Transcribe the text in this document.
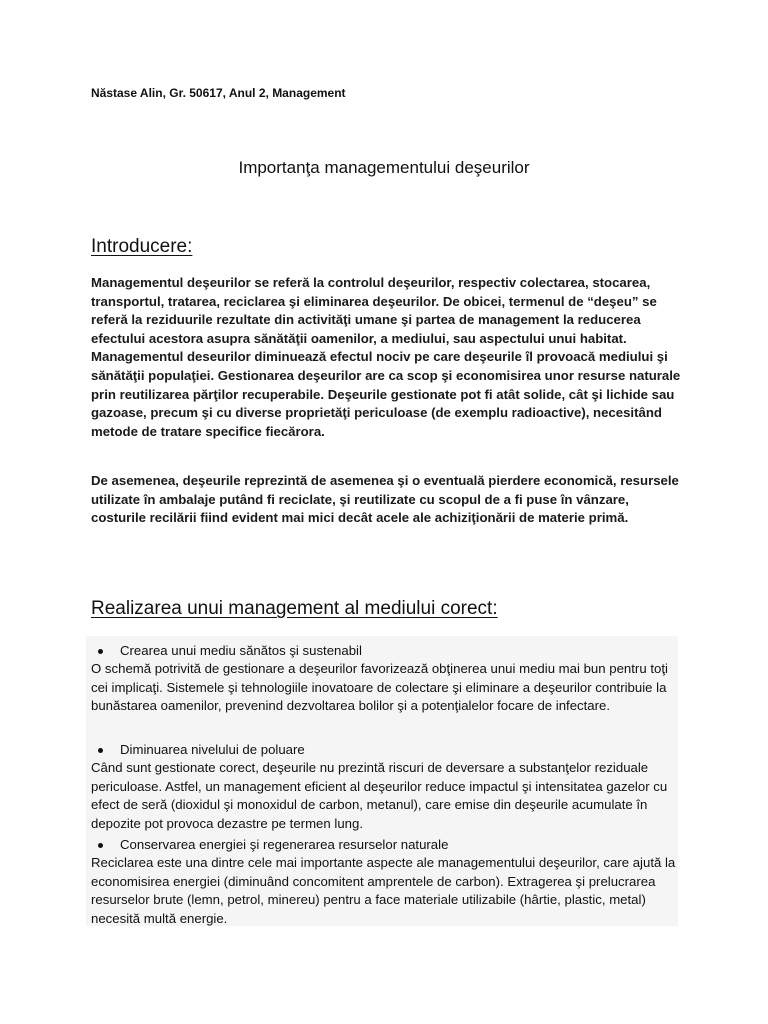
Năstase Alin, Gr. 50617, Anul 2, Management
Importanţa managementului deşeurilor
Introducere:

Managementul deşeurilor se referă la controlul deşeurilor, respectiv colectarea, stocarea, transportul, tratarea, reciclarea şi eliminarea deşeurilor. De obicei, termenul de “deşeu” se referă la reziduurile rezultate din activităţi umane şi partea de management la reducerea efectului acestora asupra sănătăţii oamenilor, a mediului, sau aspectului unui habitat. Managementul deseurilor diminuează efectul nociv pe care deşeurile îl provoacă mediului şi sănătăţii populaţiei. Gestionarea deşeurilor are ca scop şi economisirea unor resurse naturale prin reutilizarea părţilor recuperabile. Deşeurile gestionate pot fi atât solide, cât şi lichide sau gazoase, precum şi cu diverse proprietăţi periculoase (de exemplu radioactive), necesitând metode de tratare specifice fiecărora.

De asemenea, deşeurile reprezintă de asemenea şi o eventuală pierdere economică, resursele utilizate în ambalaje putând fi reciclate, şi reutilizate cu scopul de a fi puse în vânzare, costurile recilării fiind evident mai mici decât acele ale achiziţionării de materie primă.

Realizarea unui management al mediului corect:
Crearea unui mediu sănătos şi sustenabil

O schemă potrivită de gestionare a deşeurilor favorizează obţinerea unui mediu mai bun pentru toţi cei implicaţi. Sistemele şi tehnologiile inovatoare de colectare şi eliminare a deşeurilor contribuie la bunăstarea oamenilor, prevenind dezvoltarea bolilor şi a potenţialelor focare de infectare.

Diminuarea nivelului de poluare

Când sunt gestionate corect, deşeurile nu prezintă riscuri de deversare a substanţelor reziduale periculoase. Astfel, un management eficient al deşeurilor reduce impactul şi intensitatea gazelor cu efect de seră (dioxidul şi monoxidul de carbon, metanul), care emise din deşeurile acumulate în depozite pot provoca dezastre pe termen lung.

Conservarea energiei şi regenerarea resurselor naturale

Reciclarea este una dintre cele mai importante aspecte ale managementului deşeurilor, care ajută la economisirea energiei (diminuând concomitent amprentele de carbon). Extragerea şi prelucrarea resurselor brute (lemn, petrol, minereu) pentru a face materiale utilizabile (hârtie, plastic, metal) necesită multă energie.
